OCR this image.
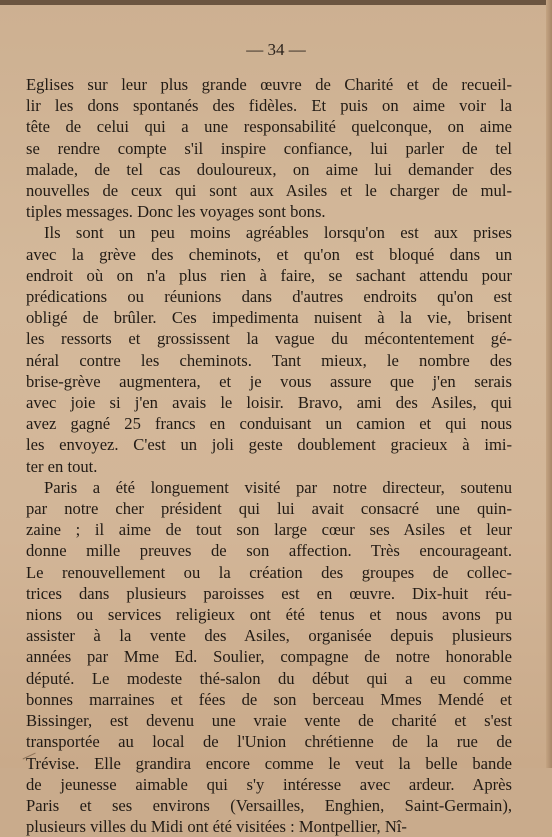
— 34 —
Eglises sur leur plus grande œuvre de Charité et de recueil-
lir les dons spontanés des fidèles. Et puis on aime voir la
tête de celui qui a une responsabilité quelconque, on aime
se rendre compte s'il inspire confiance, lui parler de tel
malade, de tel cas douloureux, on aime lui demander des
nouvelles de ceux qui sont aux Asiles et le charger de mul-
tiples messages. Donc les voyages sont bons.
Ils sont un peu moins agréables lorsqu'on est aux prises
avec la grève des cheminots, et qu'on est bloqué dans un
endroit où on n'a plus rien à faire, se sachant attendu pour
prédications ou réunions dans d'autres endroits qu'on est
obligé de brûler. Ces impedimenta nuisent à la vie, brisent
les ressorts et grossissent la vague du mécontentement gé-
néral contre les cheminots. Tant mieux, le nombre des
brise-grève augmentera, et je vous assure que j'en serais
avec joie si j'en avais le loisir. Bravo, ami des Asiles, qui
avez gagné 25 francs en conduisant un camion et qui nous
les envoyez. C'est un joli geste doublement gracieux à imi-
ter en tout.
Paris a été longuement visité par notre directeur, soutenu
par notre cher président qui lui avait consacré une quin-
zaine ; il aime de tout son large cœur ses Asiles et leur
donne mille preuves de son affection. Très encourageant.
Le renouvellement ou la création des groupes de collec-
trices dans plusieurs paroisses est en œuvre. Dix-huit réu-
nions ou services religieux ont été tenus et nous avons pu
assister à la vente des Asiles, organisée depuis plusieurs
années par Mme Ed. Soulier, compagne de notre honorable
député. Le modeste thé-salon du début qui a eu comme
bonnes marraines et fées de son berceau Mmes Mendé et
Bissinger, est devenu une vraie vente de charité et s'est
transportée au local de l'Union chrétienne de la rue de
Trévise. Elle grandira encore comme le veut la belle bande
de jeunesse aimable qui s'y intéresse avec ardeur. Après
Paris et ses environs (Versailles, Enghien, Saint-Germain),
plusieurs villes du Midi ont été visitées : Montpellier, Nî-
